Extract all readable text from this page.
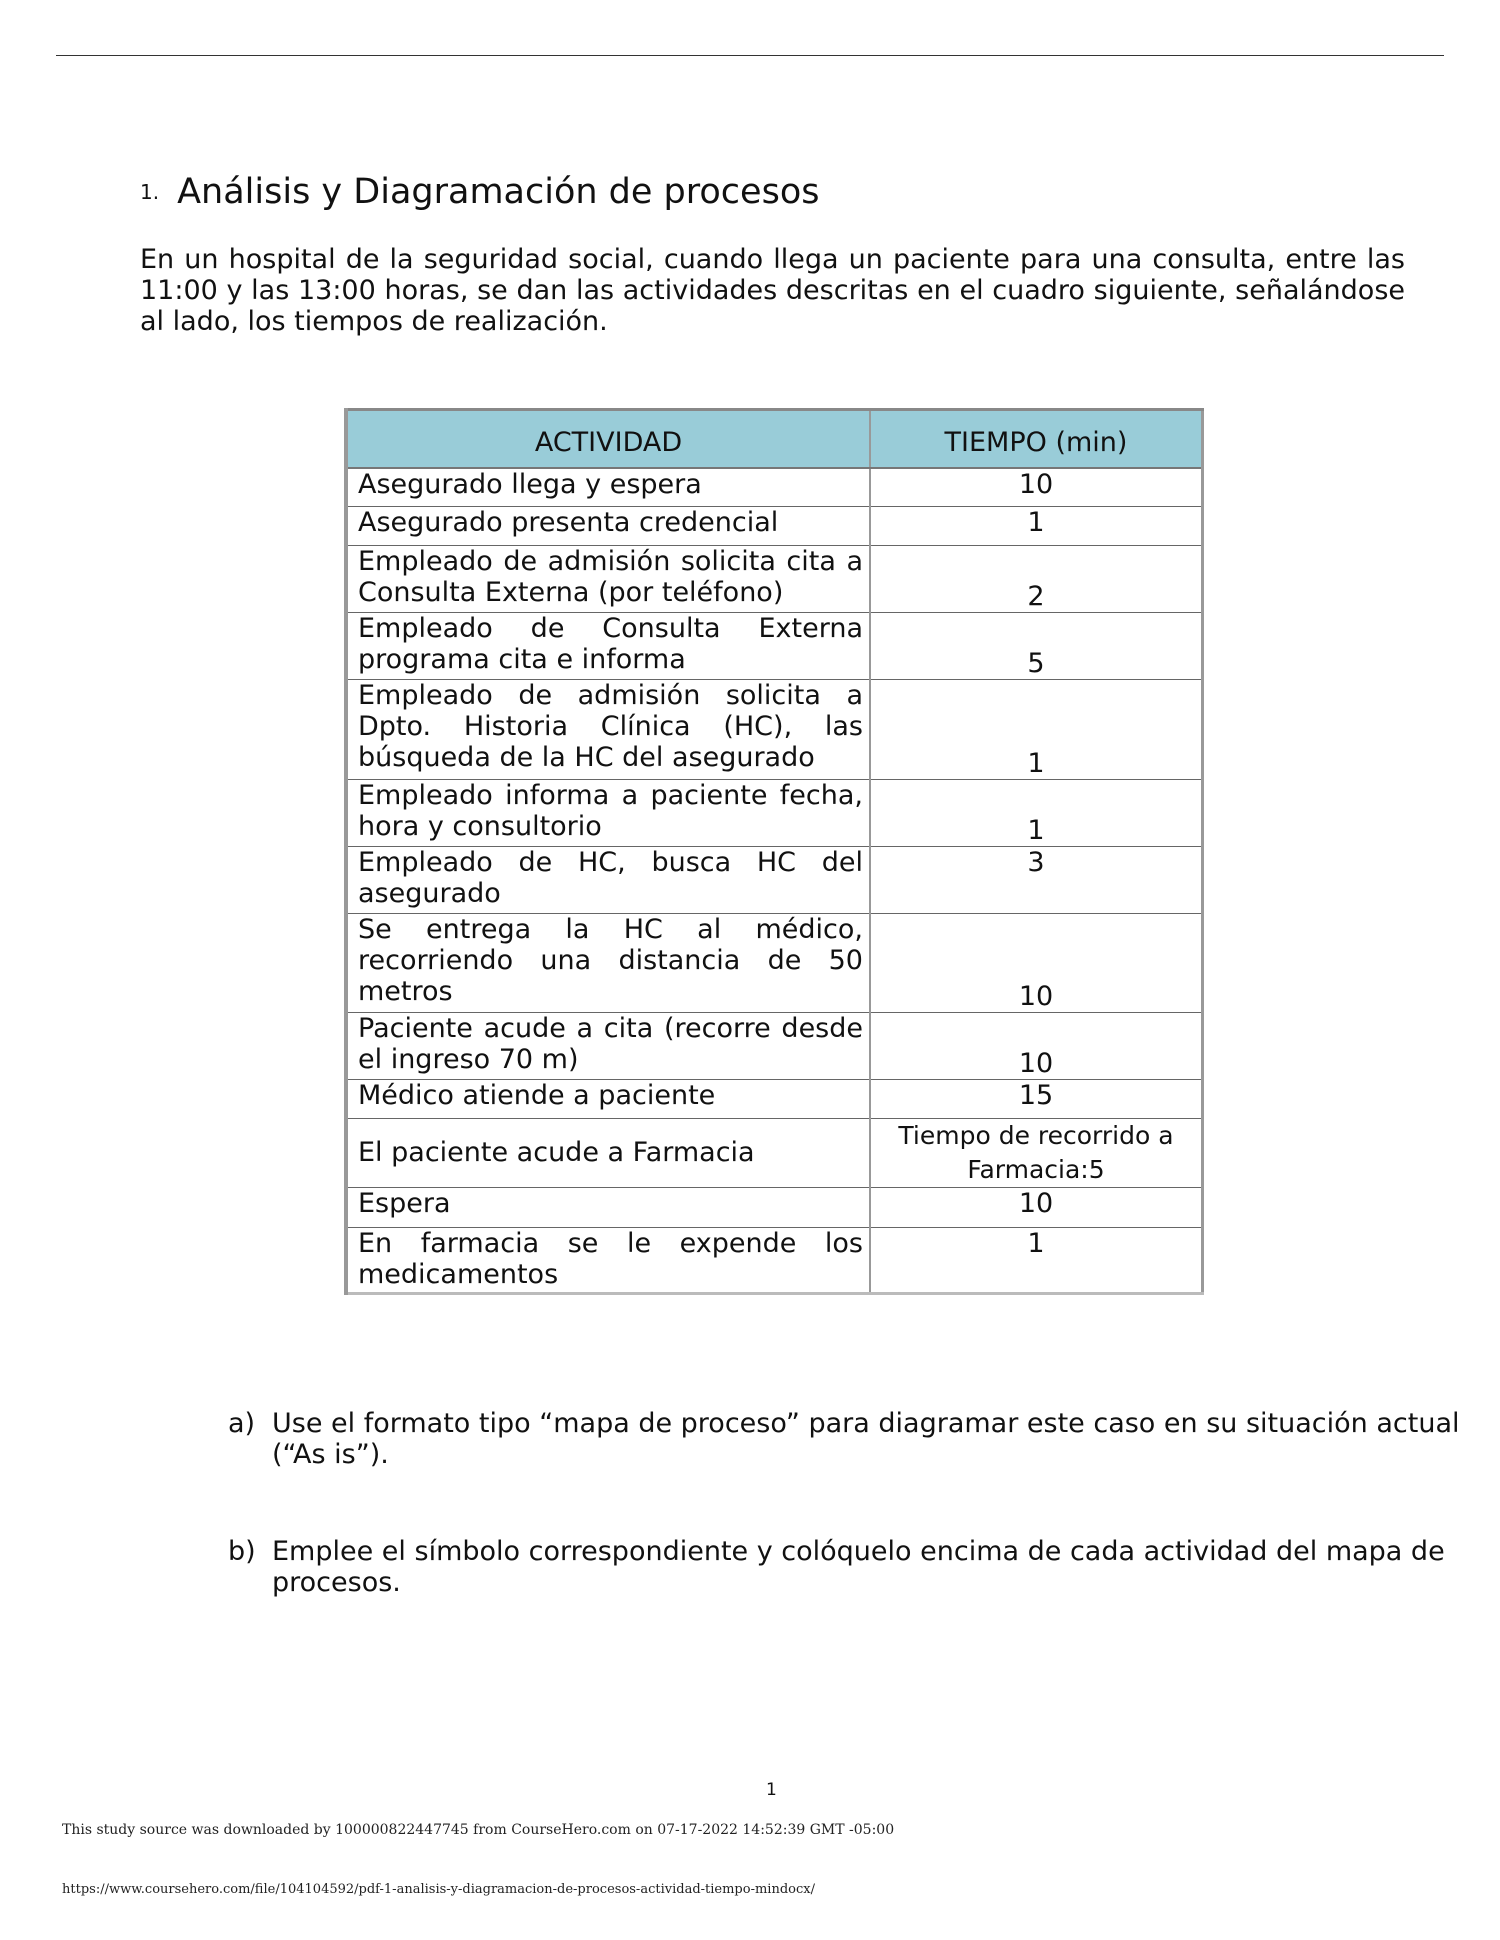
1. Análisis y Diagramación de procesos

En un hospital de la seguridad social, cuando llega un paciente para una consulta, entre las 11:00 y las 13:00 horas, se dan las actividades descritas en el cuadro siguiente, señalándose al lado, los tiempos de realización.

ACTIVIDAD	TIEMPO (min)
Asegurado llega y espera	10
Asegurado presenta credencial	1
Empleado de admisión solicita cita a Consulta Externa (por teléfono)	2
Empleado de Consulta Externa programa cita e informa	5
Empleado de admisión solicita a Dpto. Historia Clínica (HC), las búsqueda de la HC del asegurado	1
Empleado informa a paciente fecha, hora y consultorio	1
Empleado de HC, busca HC del asegurado	3
Se entrega la HC al médico, recorriendo una distancia de 50 metros	10
Paciente acude a cita (recorre desde el ingreso 70 m)	10
Médico atiende a paciente	15
El paciente acude a Farmacia	Tiempo de recorrido a Farmacia:5
Espera	10
En farmacia se le expende los medicamentos	1
a) Use el formato tipo “mapa de proceso” para diagramar este caso en su situación actual (“As is”).
b) Emplee el símbolo correspondiente y colóquelo encima de cada actividad del mapa de procesos.
1
This study source was downloaded by 100000822447745 from CourseHero.com on 07-17-2022 14:52:39 GMT -05:00
https://www.coursehero.com/file/104104592/pdf-1-analisis-y-diagramacion-de-procesos-actividad-tiempo-mindocx/
